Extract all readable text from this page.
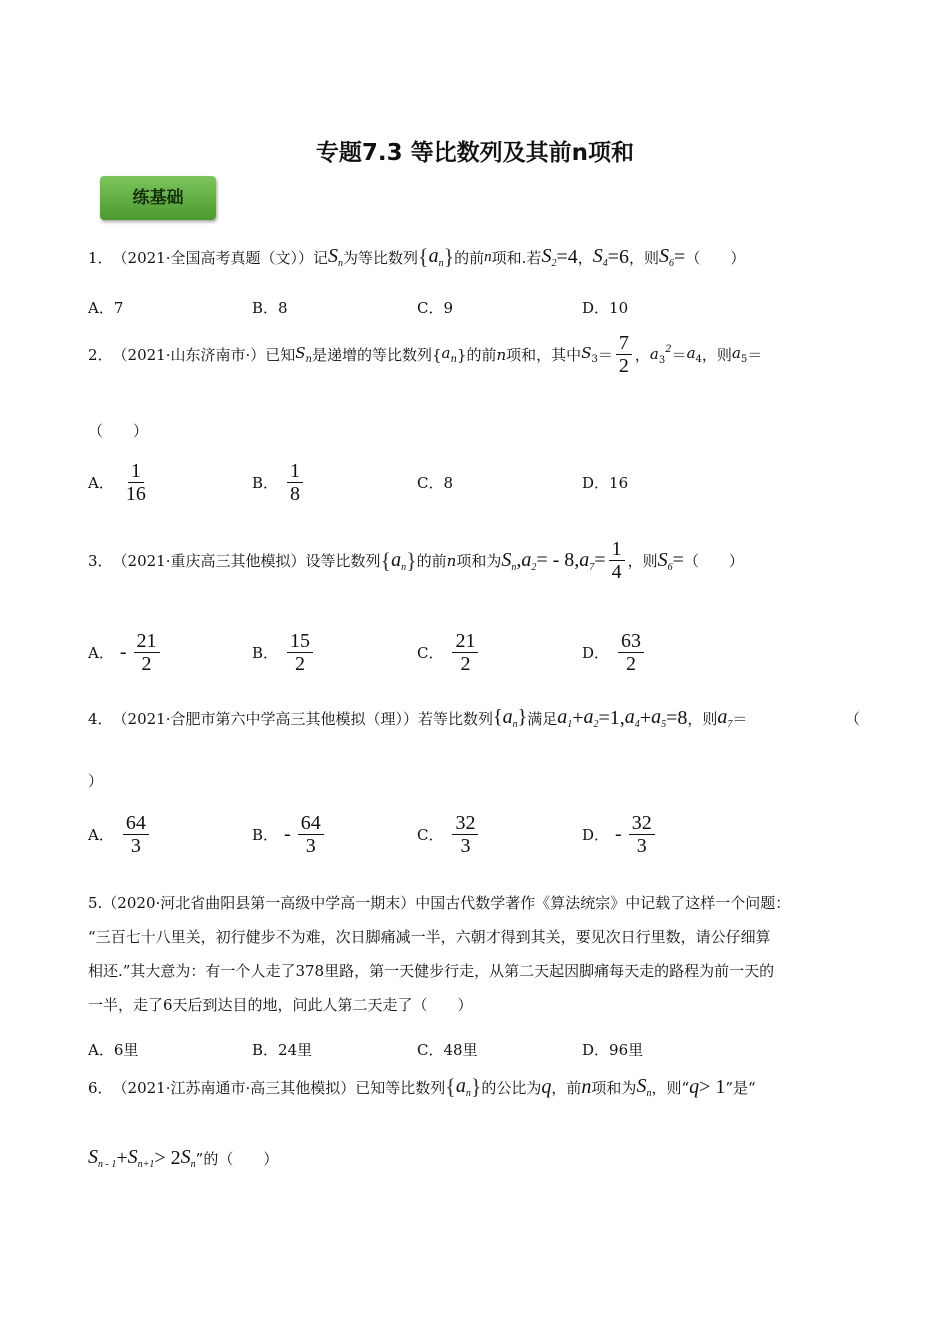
专题7.3 等比数列及其前n项和
练基础
1． （2021·全国高考真题（文））记 $S_n$ 为等比数列 { $a_n$ } 的前 n 项和.若 $S_2 =4$ ， $S_4 =6$ ，则 $S_6$ = （　　）
A．7	B．8	C．9	D．10
2． （2021·山东济南市·）已知 $S_n$ 是递增的等比数列{ $a_n$ }的前 n 项和，其中 $S_3 = \frac{7}{2}$ ， $a_3^2 = a_4$ ，则 $a_5$ ＝
（　　）
A． $\frac{1}{16}$	B． $\frac{1}{8}$	C．8	D．16
3． （2021·重庆高三其他模拟）设等比数列 { $a_n$ } 的前 n 项和为 $S_n,a_2$ = - 8, $a_7 = \frac{1}{4}$ ，则 $S_6$ = （　　）
A． - $\frac{21}{2}$	B． $\frac{15}{2}$	C． $\frac{21}{2}$	D． $\frac{63}{2}$
4． （2021·合肥市第六中学高三其他模拟（理））若等比数列 $\{a_n\}$ 满足 $a_1 + a_2 =1$, $a_4 + a_5 =8$ ，则 $a_7$ ＝	（
）
A． $\frac{64}{3}$	B． - $\frac{64}{3}$	C． $\frac{32}{3}$	D． - $\frac{32}{3}$
5.（2020·河北省曲阳县第一高级中学高一期末）中国古代数学著作《算法统宗》中记载了这样一个问题：
“三百七十八里关，初行健步不为难，次日脚痛减一半，六朝才得到其关，要见次日行里数，请公仔细算
相还.”其大意为：有一个人走了378里路，第一天健步行走，从第二天起因脚痛每天走的路程为前一天的
一半，走了6天后到达目的地，问此人第二天走了（　　）
A．6里	B．24里	C．48里	D．96里
6． （2021·江苏南通市·高三其他模拟）已知等比数列 { $a_n$ } 的公比为 q ，前 n 项和为 $S_n$ ，则“ q > 1 ”是“
$S_{n - 1} + S_{n+1} > 2$ $S_n$ ”的（　　）
